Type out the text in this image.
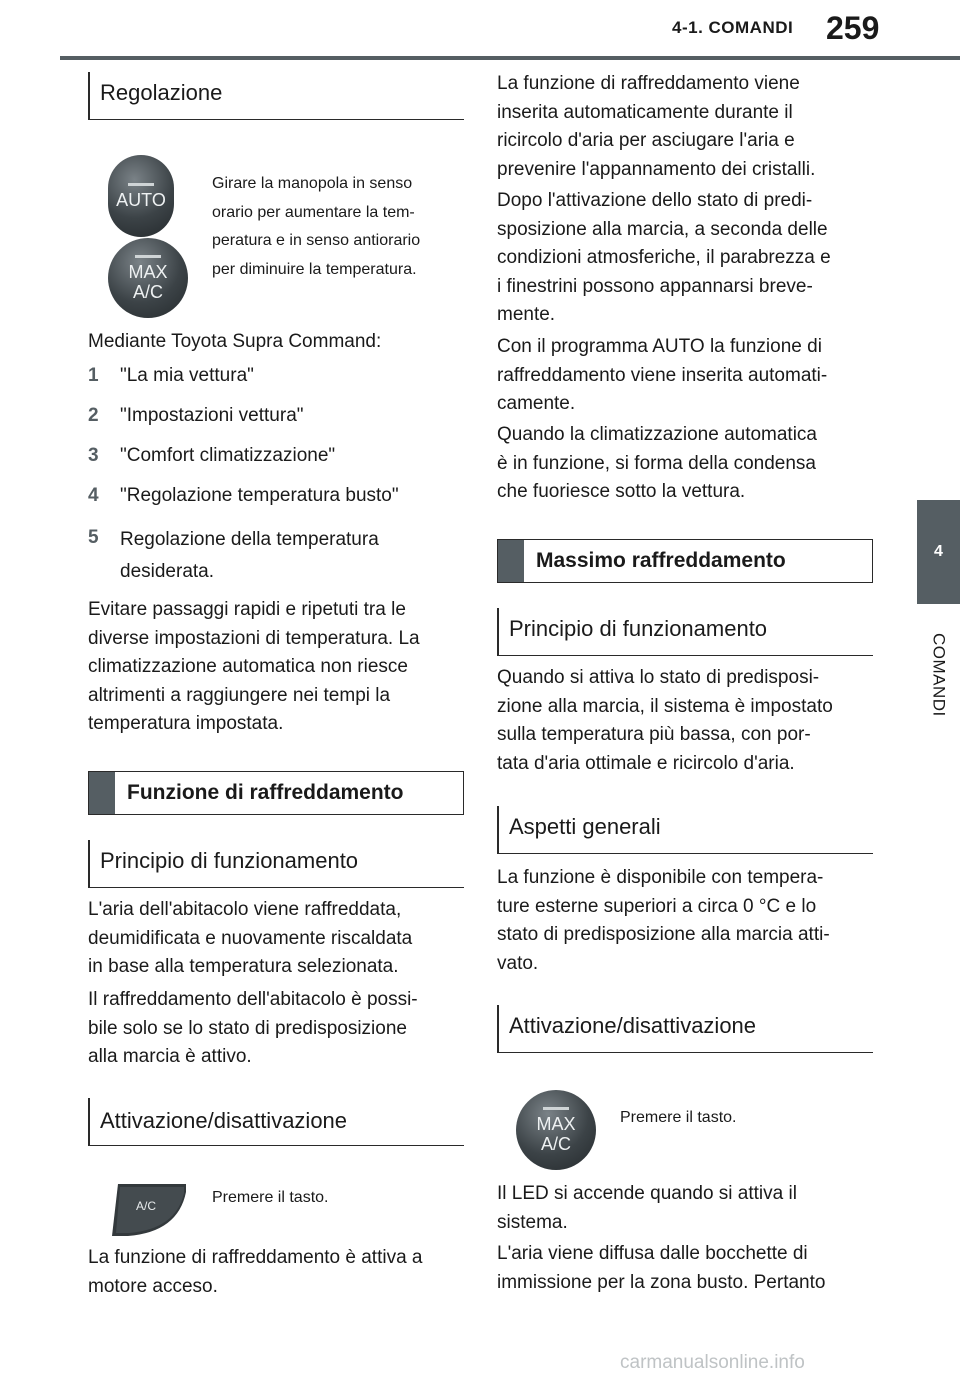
4-1. COMANDI 259
4
COMANDI
Regolazione
AUTO
MAX
A/C
Girare la manopola in senso
orario per aumentare la tem-
peratura e in senso antiorario
per diminuire la temperatura.
Mediante Toyota Supra Command:
1 "La mia vettura"
2 "Impostazioni vettura"
3 "Comfort climatizzazione"
4 "Regolazione temperatura busto"
5 Regolazione della temperatura desiderata.
Evitare passaggi rapidi e ripetuti tra le
diverse impostazioni di temperatura. La
climatizzazione automatica non riesce
altrimenti a raggiungere nei tempi la
temperatura impostata.
Funzione di raffreddamento
Principio di funzionamento
L'aria dell'abitacolo viene raffreddata,
deumidificata e nuovamente riscaldata
in base alla temperatura selezionata.
Il raffreddamento dell'abitacolo è possi-
bile solo se lo stato di predisposizione
alla marcia è attivo.
Attivazione/disattivazione
A/C	Premere il tasto.
La funzione di raffreddamento è attiva a
motore acceso.
La funzione di raffreddamento viene
inserita automaticamente durante il
ricircolo d'aria per asciugare l'aria e
prevenire l'appannamento dei cristalli.
Dopo l'attivazione dello stato di predi-
sposizione alla marcia, a seconda delle
condizioni atmosferiche, il parabrezza e
i finestrini possono appannarsi breve-
mente.
Con il programma AUTO la funzione di
raffreddamento viene inserita automati-
camente.
Quando la climatizzazione automatica
è in funzione, si forma della condensa
che fuoriesce sotto la vettura.
Massimo raffreddamento
Principio di funzionamento
Quando si attiva lo stato di predisposi-
zione alla marcia, il sistema è impostato
sulla temperatura più bassa, con por-
tata d'aria ottimale e ricircolo d'aria.
Aspetti generali
La funzione è disponibile con tempera-
ture esterne superiori a circa 0 °C e lo
stato di predisposizione alla marcia atti-
vato.
Attivazione/disattivazione
MAX
A/C
Premere il tasto.
Il LED si accende quando si attiva il
sistema.
L'aria viene diffusa dalle bocchette di
immissione per la zona busto. Pertanto
carmanualsonline.info
